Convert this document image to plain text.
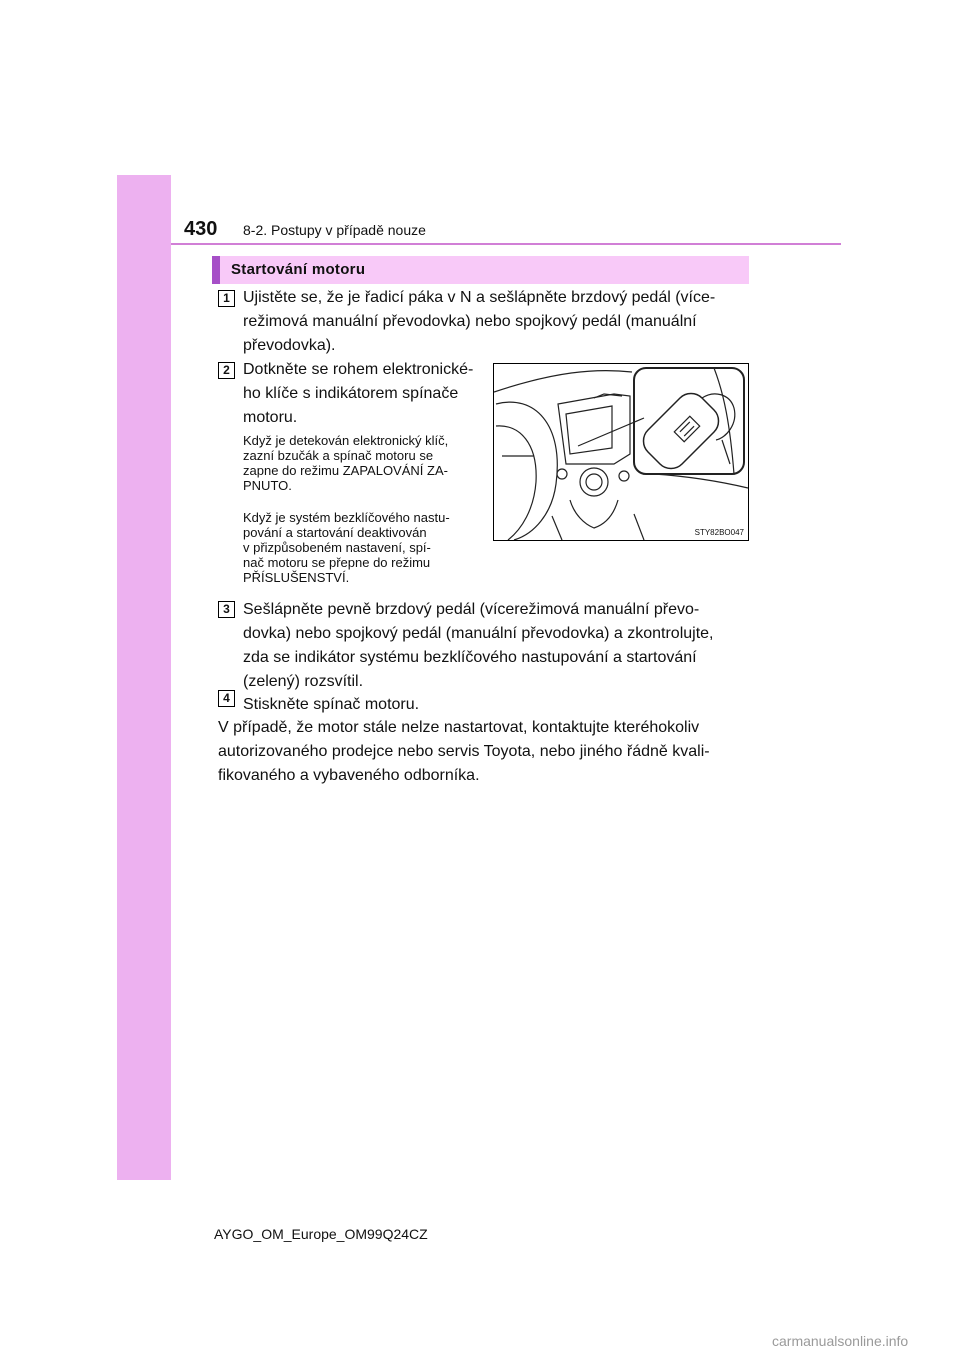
430 8-2. Postupy v případě nouze
Startování motoru
1 Ujistěte se, že je řadicí páka v N a sešlápněte brzdový pedál (více-
režimová manuální převodovka) nebo spojkový pedál (manuální
převodovka).
2 Dotkněte se rohem elektronické-
ho klíče s indikátorem spínače
motoru.
Když je detekován elektronický klíč,
zazní bzučák a spínač motoru se
zapne do režimu ZAPALOVÁNÍ ZA-
PNUTO.
Když je systém bezklíčového nastu-
pování a startování deaktivován
v přizpůsobeném nastavení, spí-
nač motoru se přepne do režimu
PŘÍSLUŠENSTVÍ.
STY82BO047
3 Sešlápněte pevně brzdový pedál (vícerežimová manuální převo-
dovka) nebo spojkový pedál (manuální převodovka) a zkontrolujte,
zda se indikátor systému bezklíčového nastupování a startování
(zelený) rozsvítil.
4 Stiskněte spínač motoru.
V případě, že motor stále nelze nastartovat, kontaktujte kteréhokoliv
autorizovaného prodejce nebo servis Toyota, nebo jiného řádně kvali-
fikovaného a vybaveného odborníka.
AYGO_OM_Europe_OM99Q24CZ
carmanualsonline.info
